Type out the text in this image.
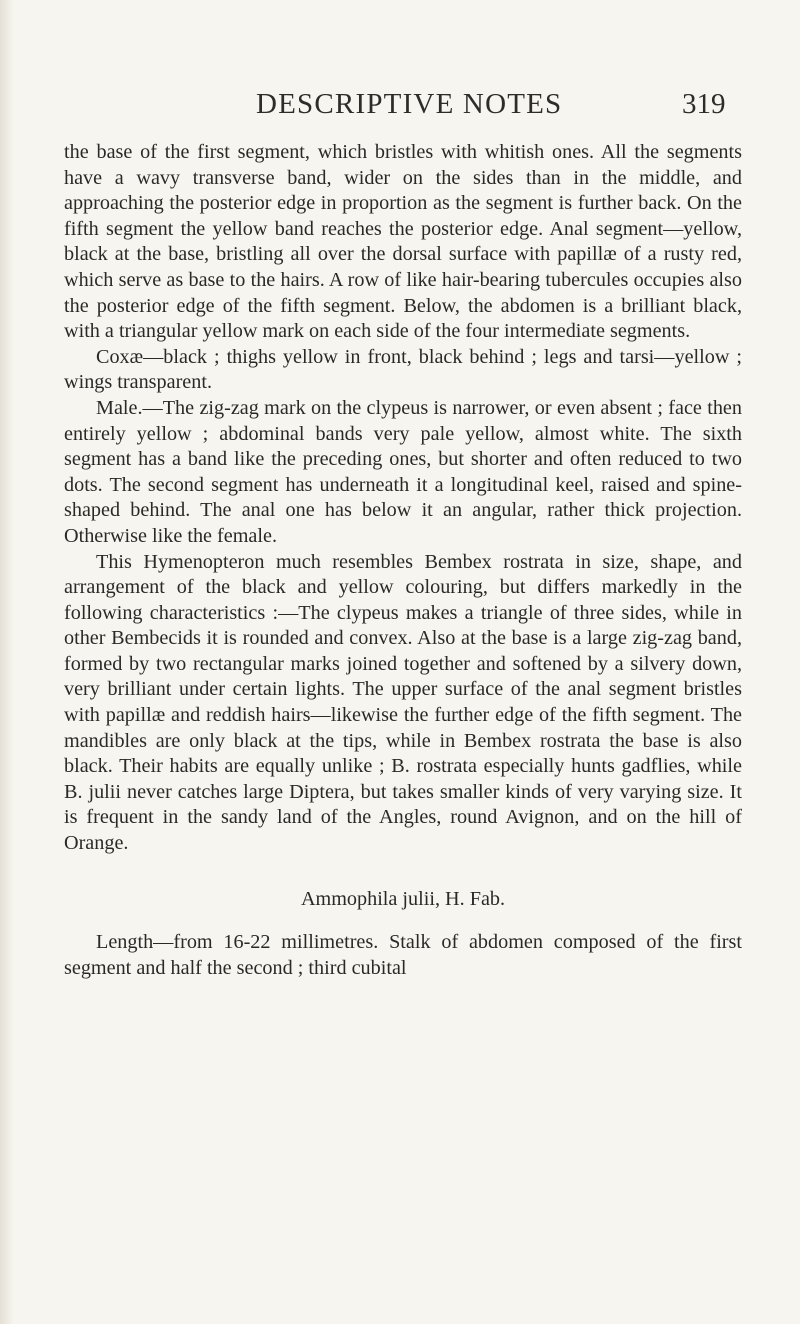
DESCRIPTIVE NOTES	319

the base of the first segment, which bristles with whitish ones. All the segments have a wavy transverse band, wider on the sides than in the middle, and approaching the posterior edge in proportion as the segment is further back. On the fifth segment the yellow band reaches the posterior edge. Anal segment—yellow, black at the base, bristling all over the dorsal surface with papillæ of a rusty red, which serve as base to the hairs. A row of like hair-bearing tubercules occupies also the posterior edge of the fifth segment. Below, the abdomen is a brilliant black, with a triangular yellow mark on each side of the four intermediate segments.

Coxæ—black ; thighs yellow in front, black behind ; legs and tarsi—yellow ; wings transparent.

Male.—The zig-zag mark on the clypeus is narrower, or even absent ; face then entirely yellow ; abdominal bands very pale yellow, almost white. The sixth segment has a band like the preceding ones, but shorter and often reduced to two dots. The second segment has underneath it a longitudinal keel, raised and spine-shaped behind. The anal one has below it an angular, rather thick projection. Otherwise like the female.

This Hymenopteron much resembles Bembex rostrata in size, shape, and arrangement of the black and yellow colouring, but differs markedly in the following characteristics :—The clypeus makes a triangle of three sides, while in other Bembecids it is rounded and convex. Also at the base is a large zig-zag band, formed by two rectangular marks joined together and softened by a silvery down, very brilliant under certain lights. The upper surface of the anal segment bristles with papillæ and reddish hairs—likewise the further edge of the fifth segment. The mandibles are only black at the tips, while in Bembex rostrata the base is also black. Their habits are equally unlike ; B. rostrata especially hunts gadflies, while B. julii never catches large Diptera, but takes smaller kinds of very varying size. It is frequent in the sandy land of the Angles, round Avignon, and on the hill of Orange.

Ammophila julii, H. Fab.

Length—from 16-22 millimetres. Stalk of abdomen composed of the first segment and half the second ; third cubital
